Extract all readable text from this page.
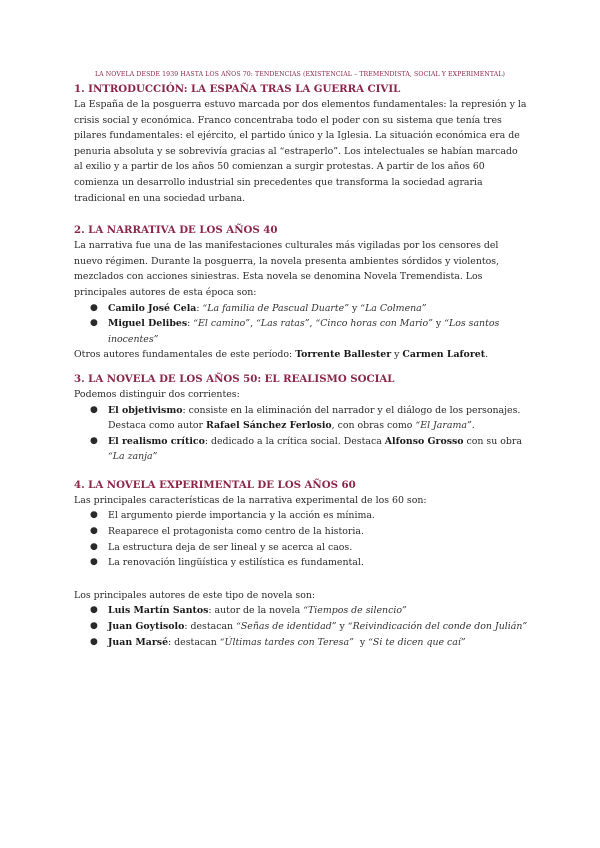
LA NOVELA DESDE 1939 HASTA LOS AÑOS 70: TENDENCIAS (EXISTENCIAL – TREMENDISTA, SOCIAL Y EXPERIMENTAL)
1. INTRODUCCIÓN: LA ESPAÑA TRAS LA GUERRA CIVIL

La España de la posguerra estuvo marcada por dos elementos fundamentales: la represión y la crisis social y económica. Franco concentraba todo el poder con su sistema que tenía tres pilares fundamentales: el ejército, el partido único y la Iglesia. La situación económica era de penuria absoluta y se sobrevivía gracias al “estraperlo”. Los intelectuales se habían marcado al exilio y a partir de los años 50 comienzan a surgir protestas. A partir de los años 60 comienza un desarrollo industrial sin precedentes que transforma la sociedad agraria tradicional en una sociedad urbana.

2. LA NARRATIVA DE LOS AÑOS 40

La narrativa fue una de las manifestaciones culturales más vigiladas por los censores del nuevo régimen. Durante la posguerra, la novela presenta ambientes sórdidos y violentos, mezclados con acciones siniestras. Esta novela se denomina Novela Tremendista. Los principales autores de esta época son:

● Camilo José Cela: “La familia de Pascual Duarte” y “La Colmena”
● Miguel Delibes: “El camino”, “Las ratas”, “Cinco horas con Mario” y “Los santos inocentes”

Otros autores fundamentales de este período: Torrente Ballester y Carmen Laforet.

3. LA NOVELA DE LOS AÑOS 50: EL REALISMO SOCIAL

Podemos distinguir dos corrientes:

● El objetivismo: consiste en la eliminación del narrador y el diálogo de los personajes. Destaca como autor Rafael Sánchez Ferlosio, con obras como “El Jarama”.
● El realismo crítico: dedicado a la crítica social. Destaca Alfonso Grosso con su obra “La zanja”
4. LA NOVELA EXPERIMENTAL DE LOS AÑOS 60

Las principales características de la narrativa experimental de los 60 son:

● El argumento pierde importancia y la acción es mínima.
● Reaparece el protagonista como centro de la historia.
● La estructura deja de ser lineal y se acerca al caos.
● La renovación lingüística y estilística es fundamental.

Los principales autores de este tipo de novela son:

● Luis Martín Santos: autor de la novela “Tiempos de silencio”
● Juan Goytisolo: destacan “Señas de identidad” y “Reivindicación del conde don Julián”
● Juan Marsé: destacan “Últimas tardes con Teresa”  y “Si te dicen que caí”
